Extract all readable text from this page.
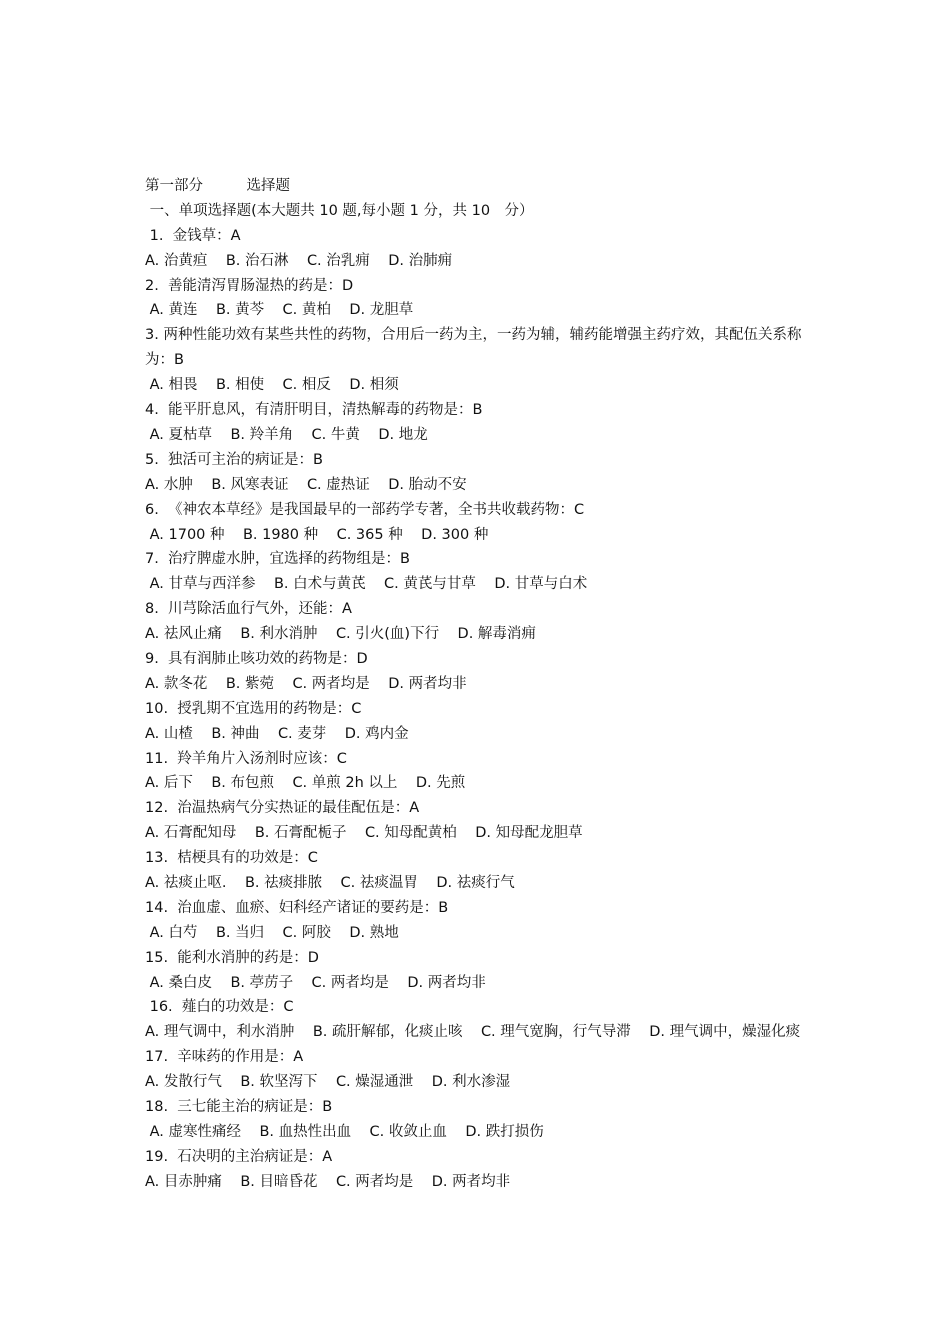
第一部分　　　选择题
一、单项选择题(本大题共 10 题,每小题 1 分，共 10　分）
1.  金钱草：A
A. 治黄疸 B. 治石淋 C. 治乳痈 D. 治肺痈
2.  善能清泻胃肠湿热的药是：D
A. 黄连 B. 黄芩 C. 黄柏 D. 龙胆草
3. 两种性能功效有某些共性的药物，合用后一药为主，一药为辅，辅药能增强主药疗效，其配伍关系称为：B
A. 相畏 B. 相使 C. 相反 D. 相须
4.  能平肝息风，有清肝明目，清热解毒的药物是：B
A. 夏枯草 B. 羚羊角 C. 牛黄 D. 地龙
5.  独活可主治的病证是：B
A. 水肿 B. 风寒表证 C. 虚热证 D. 胎动不安
6.  《神农本草经》是我国最早的一部药学专著，全书共收载药物：C
A. 1700 种 B. 1980 种 C. 365 种 D. 300 种
7.  治疗脾虚水肿，宜选择的药物组是：B
A. 甘草与西洋参 B. 白术与黄芪 C. 黄芪与甘草 D. 甘草与白术
8.  川芎除活血行气外，还能：A
A. 祛风止痛 B. 利水消肿 C. 引火(血)下行 D. 解毒消痈
9.  具有润肺止咳功效的药物是：D
A. 款冬花 B. 紫菀 C. 两者均是 D. 两者均非
10.  授乳期不宜选用的药物是：C
A. 山楂 B. 神曲 C. 麦芽 D. 鸡内金
11.  羚羊角片入汤剂时应该：C
A. 后下 B. 布包煎 C. 单煎 2h 以上 D. 先煎
12.  治温热病气分实热证的最佳配伍是：A
A. 石膏配知母 B. 石膏配栀子 C. 知母配黄柏 D. 知母配龙胆草
13.  桔梗具有的功效是：C
A. 祛痰止呕. B. 祛痰排脓 C. 祛痰温胃 D. 祛痰行气
14.  治血虚、血瘀、妇科经产诸证的要药是：B
A. 白芍 B. 当归 C. 阿胶 D. 熟地
15.  能利水消肿的药是：D
A. 桑白皮 B. 葶苈子 C. 两者均是 D. 两者均非
16.  薤白的功效是：C
A. 理气调中，利水消肿 B. 疏肝解郁，化痰止咳 C. 理气宽胸，行气导滞 D. 理气调中，燥湿化痰
17.  辛味药的作用是：A
A. 发散行气 B. 软坚泻下 C. 燥湿通泄 D. 利水渗湿
18.  三七能主治的病证是：B
A. 虚寒性痛经 B. 血热性出血 C. 收敛止血 D. 跌打损伤
19.  石决明的主治病证是：A
A. 目赤肿痛 B. 目暗昏花 C. 两者均是 D. 两者均非
